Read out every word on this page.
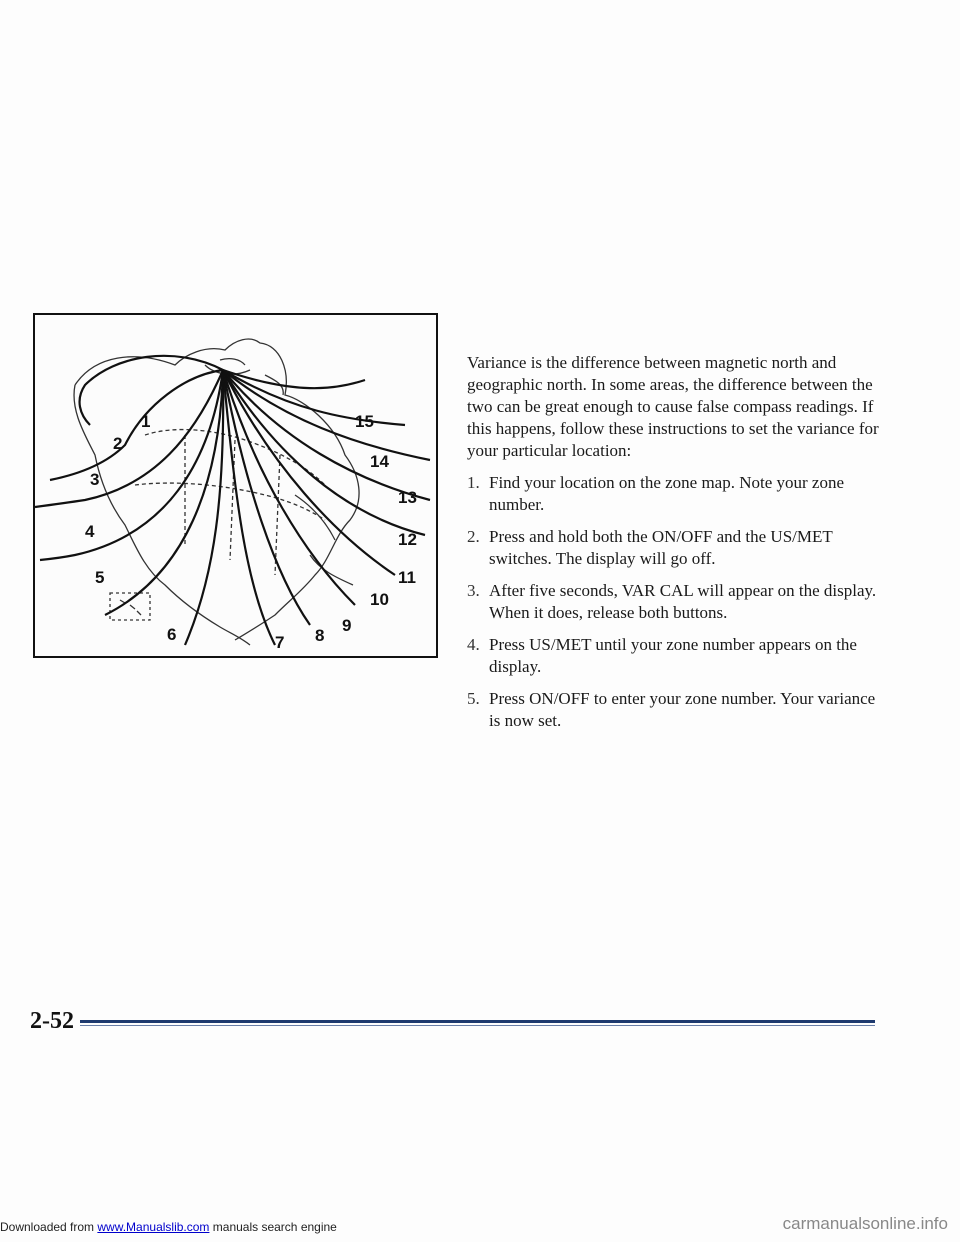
1
2
3
4
5
6	7 8
9
10
11
12
13
14
15

Variance is the difference between magnetic north and geographic north. In some areas, the difference between the two can be great enough to cause false compass readings. If this happens, follow these instructions to set the variance for your particular location:

1. Find your location on the zone map. Note your zone number.
2. Press and hold both the ON/OFF and the US/MET switches. The display will go off.
3. After five seconds, VAR CAL will appear on the display. When it does, release both buttons.
4. Press US/MET until your zone number appears on the display.
5. Press ON/OFF to enter your zone number. Your variance is now set.
2-52
Downloaded from www.Manualslib.com manuals search engine	carmanualsonline.info
